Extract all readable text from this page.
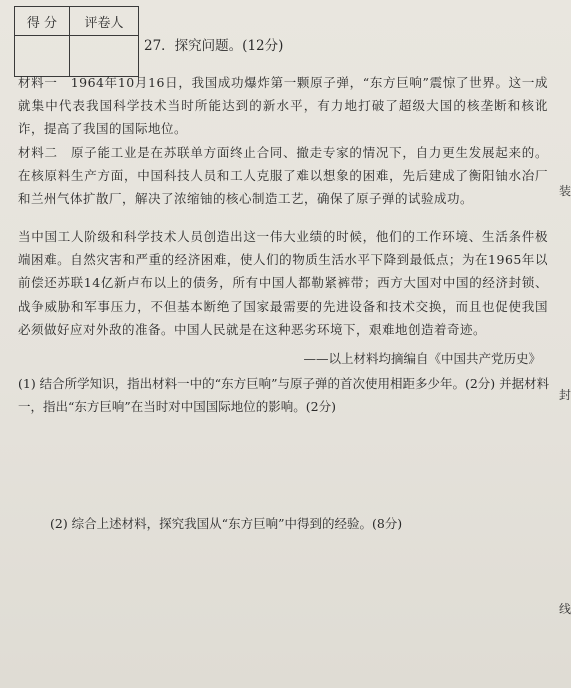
得 分	评卷人

27．探究问题。(12分)
材料一　1964年10月16日，我国成功爆炸第一颗原子弹，“东方巨响”震惊了世界。这一成就集中代表我国科学技术当时所能达到的新水平，有力地打破了超级大国的核垄断和核讹诈，提高了我国的国际地位。
材料二　原子能工业是在苏联单方面终止合同、撤走专家的情况下，自力更生发展起来的。在核原料生产方面，中国科技人员和工人克服了难以想象的困难，先后建成了衡阳铀水冶厂和兰州气体扩散厂，解决了浓缩铀的核心制造工艺，确保了原子弹的试验成功。
当中国工人阶级和科学技术人员创造出这一伟大业绩的时候，他们的工作环境、生活条件极端困难。自然灾害和严重的经济困难，使人们的物质生活水平下降到最低点；为在1965年以前偿还苏联14亿新卢布以上的债务，所有中国人都勒紧裤带；西方大国对中国的经济封锁、战争威胁和军事压力，不但基本断绝了国家最需要的先进设备和技术交换，而且也促使我国必须做好应对外敌的准备。中国人民就是在这种恶劣环境下，艰难地创造着奇迹。
——以上材料均摘编自《中国共产党历史》
(1) 结合所学知识，指出材料一中的“东方巨响”与原子弹的首次使用相距多少年。(2分) 并据材料一，指出“东方巨响”在当时对中国国际地位的影响。(2分)
(2) 综合上述材料，探究我国从“东方巨响”中得到的经验。(8分)
装
封
线
